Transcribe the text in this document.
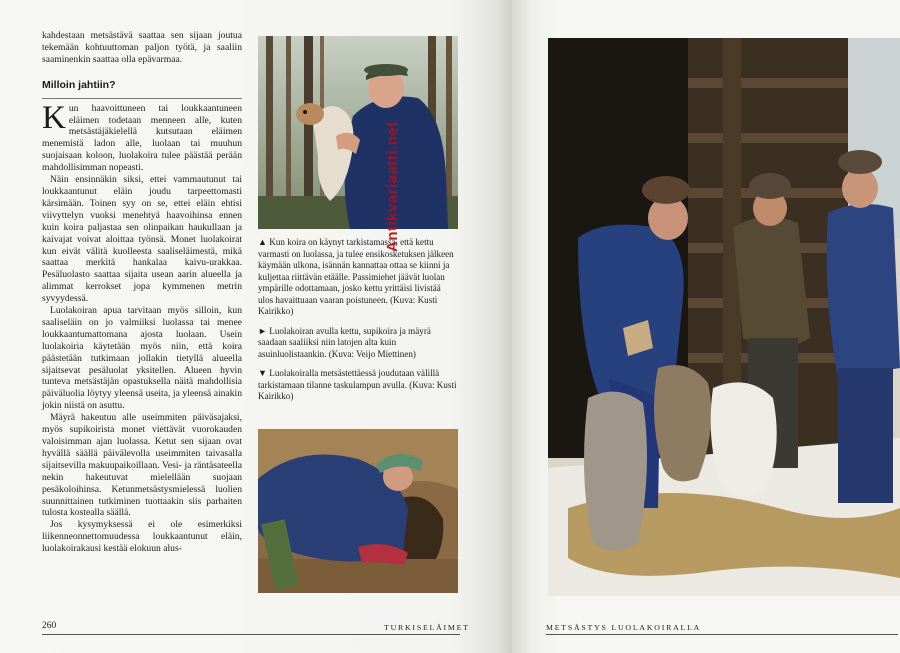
kahdestaan metsästävä saattaa sen sijaan joutua tekemään kohtuuttoman paljon työtä, ja saaliin saaminenkin saattaa olla epävarmaa.

Milloin jahtiin?

Kun haavoittuneen tai loukkaantuneen eläimen todetaan menneen alle, kuten metsästäjäkielellä kutsutaan eläimen menemistä ladon alle, luolaan tai muuhun suojaisaan koloon, luolakoira tulee päästää perään mahdollisimman nopeasti.

Näin ensinnäkin siksi, ettei vammautunut tai loukkaantunut eläin joudu tarpeettomasti kärsimään. Toinen syy on se, ettei eläin ehtisi viivyttelyn vuoksi menehtyä haavoihinsa ennen kuin koira paljastaa sen olinpaikan haukullaan ja kaivajat voivat aloittaa työnsä. Monet luolakoirat kun eivät välitä kuolleesta saaliseläimestä, mikä saattaa merkitä hankalaa kaivu-urakkaa. Pesäluolasto saattaa sijaita usean aarin alueella ja alimmat kerrokset jopa kymmenen metrin syvyydessä.

Luolakoiran apua tarvitaan myös silloin, kun saaliseläin on jo valmiiksi luolassa tai menee loukkaantumattomana ajosta luolaan. Usein luolakoiria käytetään myös niin, että koira päästetään tutkimaan jollakin tietyllä alueella sijaitsevat pesäluolat yksitellen. Alueen hyvin tunteva metsästäjän opastuksella näitä mahdollisia päiväluolia löytyy yleensä useita, ja yleensä ainakin jokin niistä on asuttu.

Mäyrä hakeutuu alle useimmiten päiväsajaksi, myös supikoirista monet viettävät vuorokauden valoisimman ajan luolassa. Ketut sen sijaan ovat hyvällä säällä päivälevolla useimmiten taivasalla sijaitsevilla makuupaikoillaan. Vesi- ja räntäsateella nekin hakeutuvat mielellään suojaan pesäkoloihinsa. Ketunmetsästysmielessä luolien suunnittainen tutkiminen tuottaakin siis parhaiten tulosta kostealla säällä.

Jos kysymyksessä ei ole esimerkiksi liikenneonnettomuudessa loukkaantunut eläin, luolakoirakausi kestää elokuun alus-

▲ Kun koira on käynyt tarkistamassa, että kettu varmasti on luolassa, ja tulee ensikosketuksen jälkeen käymään ulkona, isännän kannattaa ottaa se kiinni ja kuljettaa riittävän etäälle. Passimiehet jäävät luolan ympärille odottamaan, josko kettu yrittäisi livistää ulos havaittuaan vaaran poistuneen. (Kuva: Kusti Kairikko)

► Luolakoiran avulla kettu, supikoira ja mäyrä saadaan saaliiksi niin latojen alta kuin asuinluolistaankin. (Kuva: Veijo Miettinen)

▼ Luolakoiralla metsästettäessä joudutaan välillä tarkistamaan tilanne taskulampun avulla. (Kuva: Kusti Kairikko)

260	TURKISELÄIMET	METSÄSTYS LUOLAKOIRALLA
Antikvariaatti.net
